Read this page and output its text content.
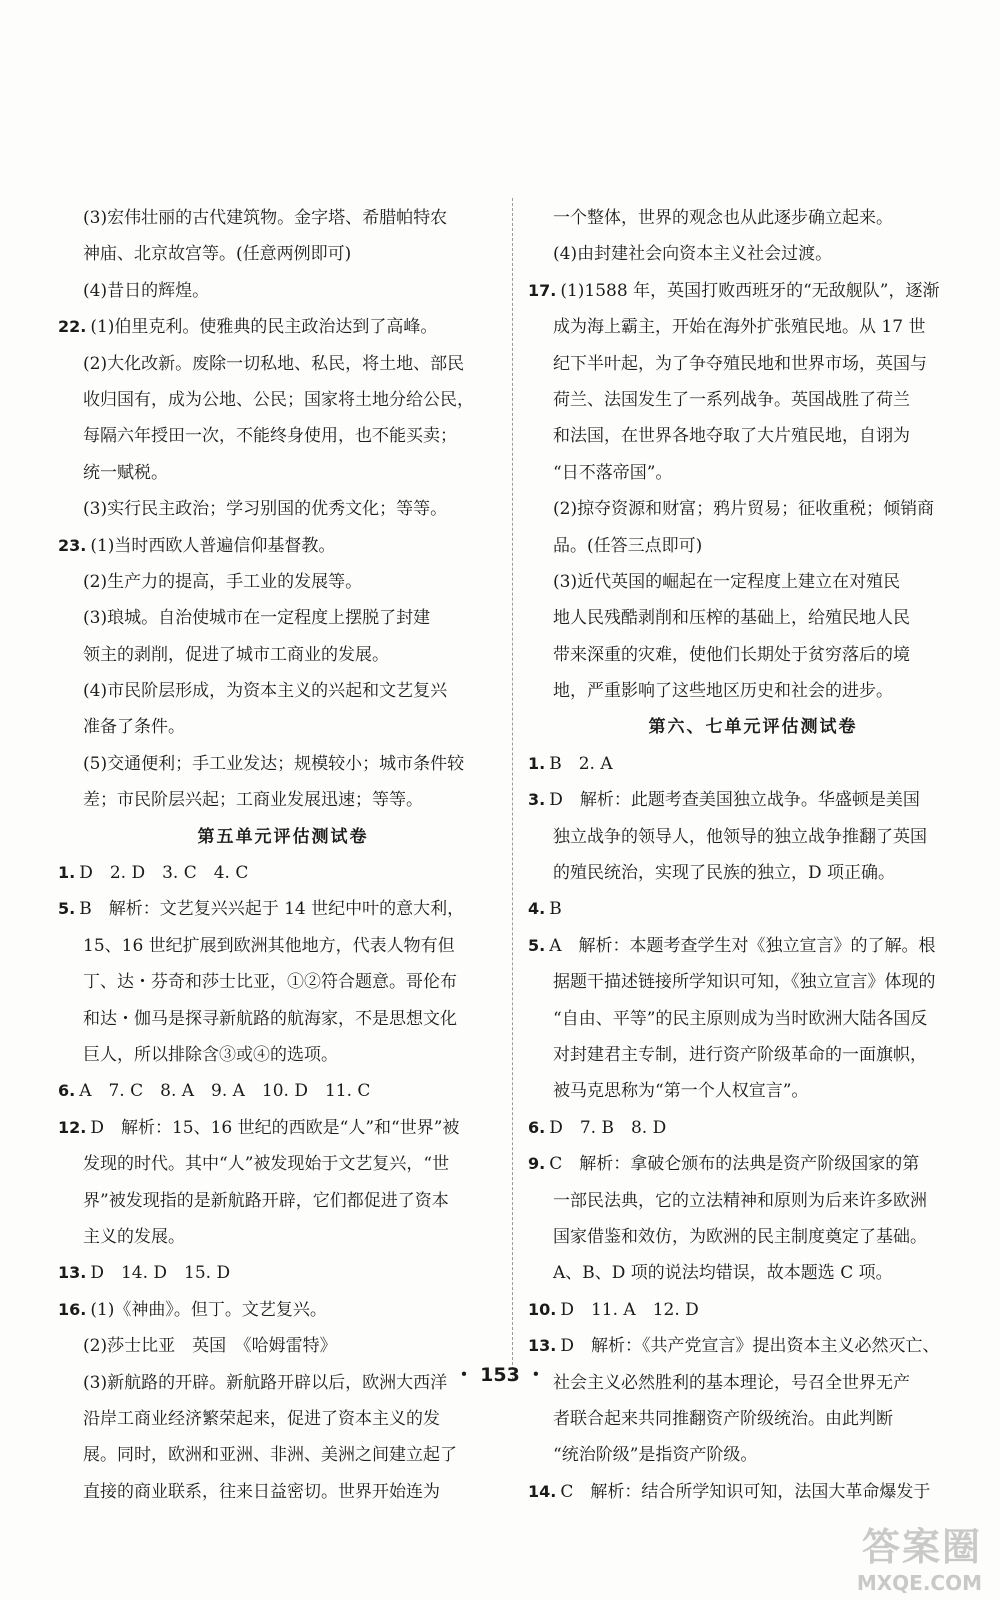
(3)宏伟壮丽的古代建筑物。金字塔、希腊帕特农
神庙、北京故宫等。(任意两例即可)
(4)昔日的辉煌。
22. (1)伯里克利。使雅典的民主政治达到了高峰。
(2)大化改新。废除一切私地、私民，将土地、部民
收归国有，成为公地、公民；国家将土地分给公民，
每隔六年授田一次，不能终身使用，也不能买卖；
统一赋税。
(3)实行民主政治；学习别国的优秀文化；等等。
23. (1)当时西欧人普遍信仰基督教。
(2)生产力的提高，手工业的发展等。
(3)琅城。自治使城市在一定程度上摆脱了封建
领主的剥削，促进了城市工商业的发展。
(4)市民阶层形成，为资本主义的兴起和文艺复兴
准备了条件。
(5)交通便利；手工业发达；规模较小；城市条件较
差；市民阶层兴起；工商业发展迅速；等等。
第五单元评估测试卷
1. D　2. D　3. C　4. C
5. B　解析：文艺复兴兴起于 14 世纪中叶的意大利，
15、16 世纪扩展到欧洲其他地方，代表人物有但
丁、达・芬奇和莎士比亚，①②符合题意。哥伦布
和达・伽马是探寻新航路的航海家，不是思想文化
巨人，所以排除含③或④的选项。
6. A　7. C　8. A　9. A　10. D　11. C
12. D　解析：15、16 世纪的西欧是“人”和“世界”被
发现的时代。其中“人”被发现始于文艺复兴，“世
界”被发现指的是新航路开辟，它们都促进了资本
主义的发展。
13. D　14. D　15. D
16. (1)《神曲》。但丁。文艺复兴。
(2)莎士比亚　英国　《哈姆雷特》
(3)新航路的开辟。新航路开辟以后，欧洲大西洋
沿岸工商业经济繁荣起来，促进了资本主义的发
展。同时，欧洲和亚洲、非洲、美洲之间建立起了
直接的商业联系，往来日益密切。世界开始连为
一个整体，世界的观念也从此逐步确立起来。
(4)由封建社会向资本主义社会过渡。
17. (1)1588 年，英国打败西班牙的“无敌舰队”，逐渐
成为海上霸主，开始在海外扩张殖民地。从 17 世
纪下半叶起，为了争夺殖民地和世界市场，英国与
荷兰、法国发生了一系列战争。英国战胜了荷兰
和法国，在世界各地夺取了大片殖民地，自诩为
“日不落帝国”。
(2)掠夺资源和财富；鸦片贸易；征收重税；倾销商
品。(任答三点即可)
(3)近代英国的崛起在一定程度上建立在对殖民
地人民残酷剥削和压榨的基础上，给殖民地人民
带来深重的灾难，使他们长期处于贫穷落后的境
地，严重影响了这些地区历史和社会的进步。
第六、七单元评估测试卷
1. B　2. A
3. D　解析：此题考查美国独立战争。华盛顿是美国
独立战争的领导人，他领导的独立战争推翻了英国
的殖民统治，实现了民族的独立，D 项正确。
4. B
5. A　解析：本题考查学生对《独立宣言》的了解。根
据题干描述链接所学知识可知，《独立宣言》体现的
“自由、平等”的民主原则成为当时欧洲大陆各国反
对封建君主专制，进行资产阶级革命的一面旗帜，
被马克思称为“第一个人权宣言”。
6. D　7. B　8. D
9. C　解析：拿破仑颁布的法典是资产阶级国家的第
一部民法典，它的立法精神和原则为后来许多欧洲
国家借鉴和效仿，为欧洲的民主制度奠定了基础。
A、B、D 项的说法均错误，故本题选 C 项。
10. D　11. A　12. D
13. D　解析：《共产党宣言》提出资本主义必然灭亡、
社会主义必然胜利的基本理论，号召全世界无产
者联合起来共同推翻资产阶级统治。由此判断
“统治阶级”是指资产阶级。
14. C　解析：结合所学知识可知，法国大革命爆发于
・ 153 ・
答案圈
MXQE.COM
